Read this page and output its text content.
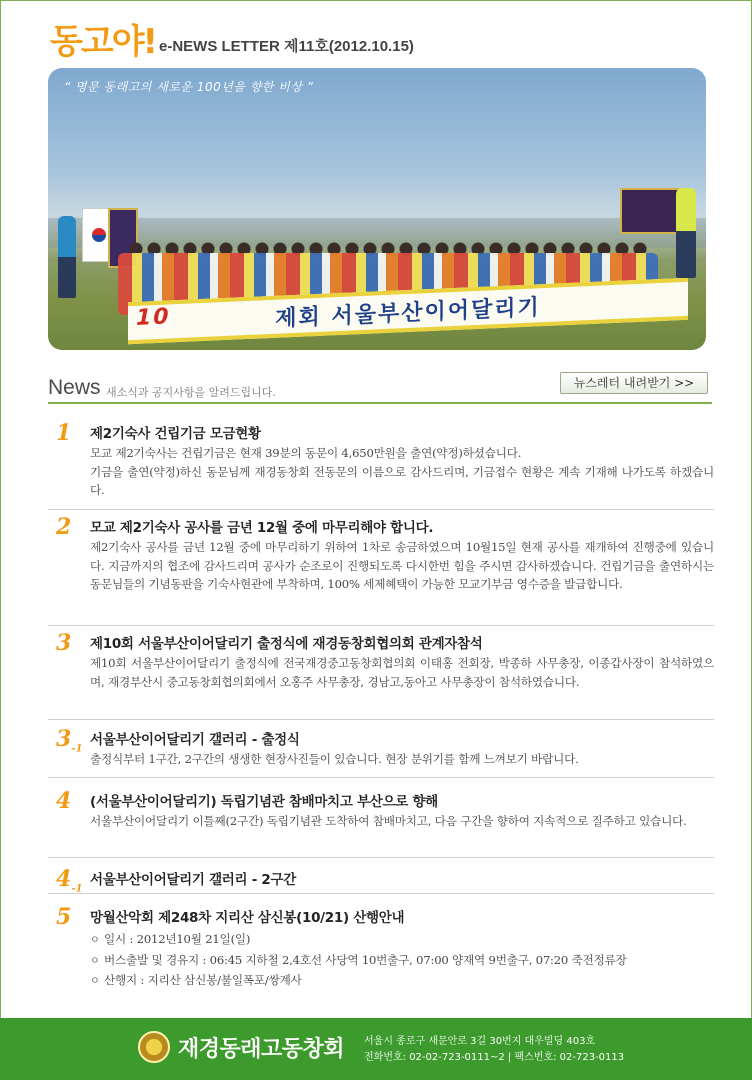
동고야! e-NEWS LETTER 제11호(2012.10.15)
“ 명문 동래고의 새로운 100년을 향한 비상 ”
제
10	회 서울부산이어달리기
News 새소식과 공지사항을 알려드립니다.
뉴스레터 내려받기 >>
1 제2기숙사 건립기금 모금현황

모교 제2기숙사는 건립기금은 현재 39분의 동문이 4,650만원을 출연(약정)하셨습니다.

기금을 출연(약정)하신 동문님께 재경동창회 전동문의 이름으로 감사드리며, 기금접수 현황은 계속 기재해 나가도록 하겠습니다.

2 모교 제2기숙사 공사를 금년 12월 중에 마무리해야 합니다.

제2기숙사 공사를 금년 12월 중에 마무리하기 위하여 1차로 송금하였으며 10월15일 현재 공사를 재개하여 진행중에 있습니다. 지금까지의 협조에 감사드리며 공사가 순조로이 진행되도록 다시한번 힘을 주시면 감사하겠습니다. 건립기금을 출연하시는 동문님들의 기념동판을 기숙사현관에 부착하며, 100% 세제혜택이 가능한 모교기부금 영수증을 발급합니다.

3 제10회 서울부산이어달리기 출정식에 재경동창회협의회 관계자참석

제10회 서울부산이어달리기 출정식에 전국재경중고동창회협의회 이태홍 전회장, 박종하 사무총장, 이종갑사장이 참석하였으며, 재경부산시 중고동창회협의회에서 오홍주 사무총장, 경남고,동아고 사무총장이 참석하였습니다.

$3_{-1}$
서울부산이어달리기 갤러리 - 출정식

출정식부터 1구간, 2구간의 생생한 현장사진들이 있습니다. 현장 분위기를 함께 느껴보기 바랍니다.

4 (서울부산이어달리기) 독립기념관 참배마치고 부산으로 향해

서울부산이어달리기 이틀째(2구간) 독립기념관 도착하여 참배마치고, 다음 구간을 향하여 지속적으로 질주하고 있습니다.

$4_{-1}$
서울부산이어달리기 갤러리 - 2구간
5 망월산악회 제248차 지리산 삼신봉(10/21) 산행안내
ㅇ 일시 : 2012년10월 21일(일)
ㅇ 버스출발 및 경유지 : 06:45 지하철 2,4호선 사당역 10번출구, 07:00 양재역 9번출구, 07:20 죽전정류장
ㅇ 산행지 : 지리산 삼신봉/불일폭포/쌍계사
재경동래고동창회 서울시 종로구 새문안로 3길 30번지 대우빌딩 403호
전화번호: 02-02-723-0111~2 | 팩스번호: 02-723-0113
